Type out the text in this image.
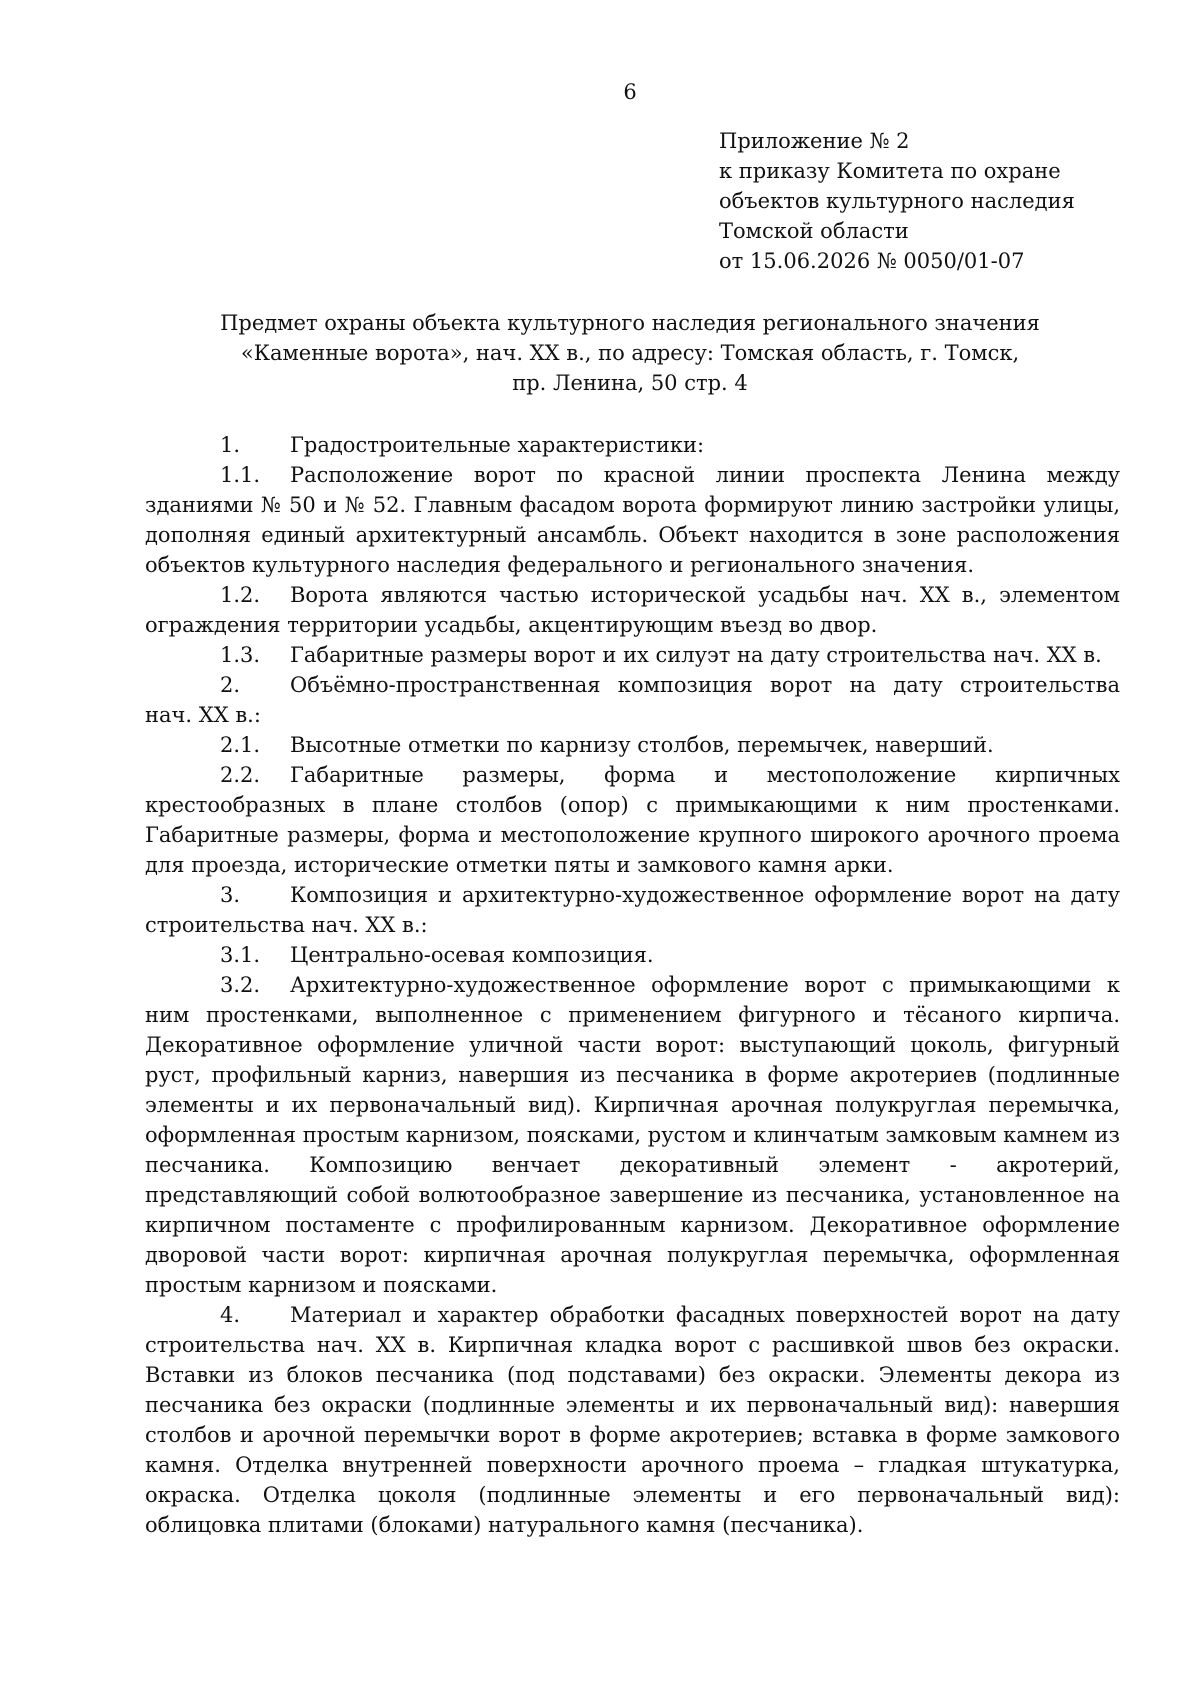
6
Приложение № 2
к приказу Комитета по охране
объектов культурного наследия
Томской области
от 15.06.2026 № 0050/01-07
Предмет охраны объекта культурного наследия регионального значения
«Каменные ворота», нач. XX в., по адресу: Томская область, г. Томск,
пр. Ленина, 50 стр. 4

1. Градостроительные характеристики:

1.1. Расположение ворот по красной линии проспекта Ленина между зданиями № 50 и № 52. Главным фасадом ворота формируют линию застройки улицы, дополняя единый архитектурный ансамбль. Объект находится в зоне расположения объектов культурного наследия федерального и регионального значения.

1.2. Ворота являются частью исторической усадьбы нач. XX в., элементом ограждения территории усадьбы, акцентирующим въезд во двор.

1.3. Габаритные размеры ворот и их силуэт на дату строительства нач. XX в.

2. Объёмно-пространственная композиция ворот на дату строительства нач. XX в.:

2.1. Высотные отметки по карнизу столбов, перемычек, наверший.

2.2. Габаритные размеры, форма и местоположение кирпичных крестообразных в плане столбов (опор) с примыкающими к ним простенками. Габаритные размеры, форма и местоположение крупного широкого арочного проема для проезда, исторические отметки пяты и замкового камня арки.

3. Композиция и архитектурно-художественное оформление ворот на дату строительства нач. XX в.:

3.1. Центрально-осевая композиция.

3.2. Архитектурно-художественное оформление ворот с примыкающими к ним простенками, выполненное с применением фигурного и тёсаного кирпича. Декоративное оформление уличной части ворот: выступающий цоколь, фигурный руст, профильный карниз, навершия из песчаника в форме акротериев (подлинные элементы и их первоначальный вид). Кирпичная арочная полукруглая перемычка, оформленная простым карнизом, поясками, рустом и клинчатым замковым камнем из песчаника. Композицию венчает декоративный элемент - акротерий, представляющий собой волютообразное завершение из песчаника, установленное на кирпичном постаменте с профилированным карнизом. Декоративное оформление дворовой части ворот: кирпичная арочная полукруглая перемычка, оформленная простым карнизом и поясками.

4. Материал и характер обработки фасадных поверхностей ворот на дату строительства нач. XX в. Кирпичная кладка ворот с расшивкой швов без окраски. Вставки из блоков песчаника (под подставами) без окраски. Элементы декора из песчаника без окраски (подлинные элементы и их первоначальный вид): навершия столбов и арочной перемычки ворот в форме акротериев; вставка в форме замкового камня. Отделка внутренней поверхности арочного проема – гладкая штукатурка, окраска. Отделка цоколя (подлинные элементы и его первоначальный вид): облицовка плитами (блоками) натурального камня (песчаника).
